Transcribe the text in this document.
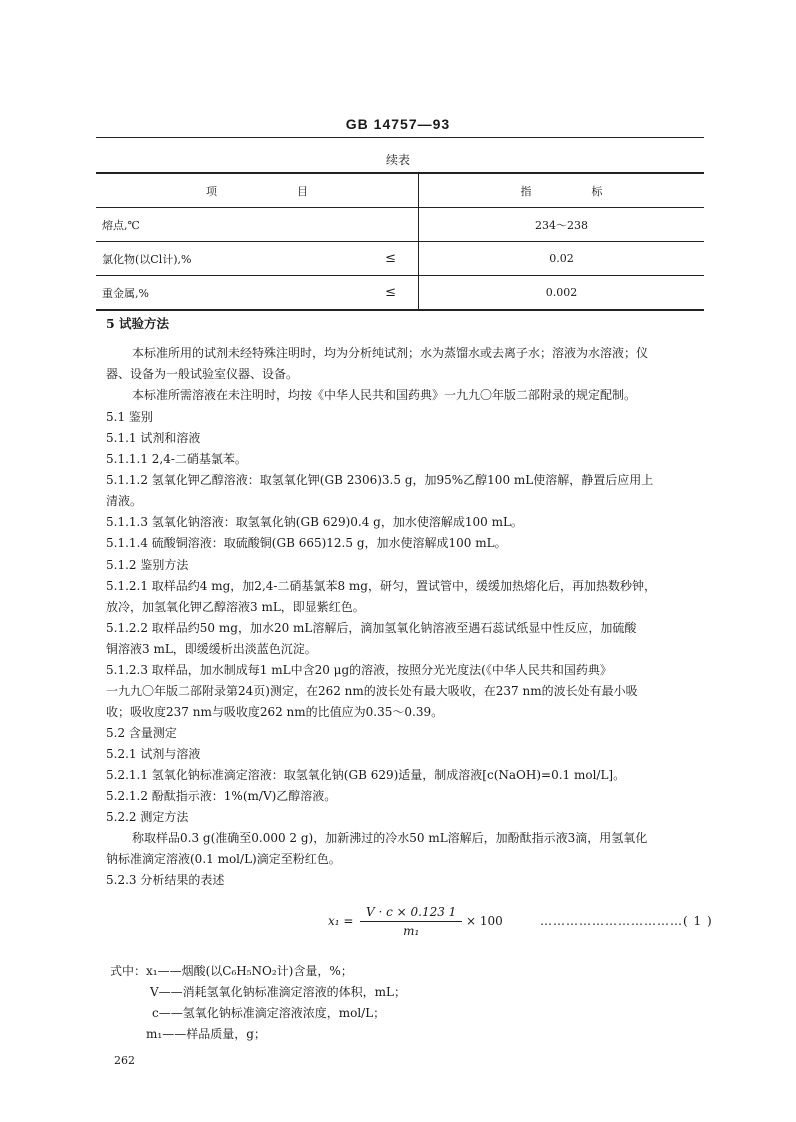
GB 14757—93
续表
项目	指标

熔点,℃	234～238

氯化物(以Cl计),% ≤	0.02

重金属,% ≤	0.002
5 试验方法
本标准所用的试剂未经特殊注明时，均为分析纯试剂；水为蒸馏水或去离子水；溶液为水溶液；仪
器、设备为一般试验室仪器、设备。
本标准所需溶液在未注明时，均按《中华人民共和国药典》一九九〇年版二部附录的规定配制。
5.1 鉴别
5.1.1 试剂和溶液
5.1.1.1 2,4-二硝基氯苯。
5.1.1.2 氢氧化钾乙醇溶液：取氢氧化钾(GB 2306)3.5 g，加95%乙醇100 mL使溶解，静置后应用上
清液。
5.1.1.3 氢氧化钠溶液：取氢氧化钠(GB 629)0.4 g，加水使溶解成100 mL。
5.1.1.4 硫酸铜溶液：取硫酸铜(GB 665)12.5 g，加水使溶解成100 mL。
5.1.2 鉴别方法
5.1.2.1 取样品约4 mg，加2,4-二硝基氯苯8 mg，研匀，置试管中，缓缓加热熔化后，再加热数秒钟，
放冷，加氢氧化钾乙醇溶液3 mL，即显紫红色。
5.1.2.2 取样品约50 mg，加水20 mL溶解后，滴加氢氧化钠溶液至遇石蕊试纸显中性反应，加硫酸
铜溶液3 mL，即缓缓析出淡蓝色沉淀。
5.1.2.3 取样品，加水制成每1 mL中含20 μg的溶液，按照分光光度法(《中华人民共和国药典》
一九九〇年版二部附录第24页)测定，在262 nm的波长处有最大吸收，在237 nm的波长处有最小吸
收；吸收度237 nm与吸收度262 nm的比值应为0.35～0.39。
5.2 含量测定
5.2.1 试剂与溶液
5.2.1.1 氢氧化钠标准滴定溶液：取氢氧化钠(GB 629)适量，制成溶液[c(NaOH)=0.1 mol/L]。
5.2.1.2 酚酞指示液：1%(m/V)乙醇溶液。
5.2.2 测定方法
称取样品0.3 g(准确至0.000 2 g)，加新沸过的冷水50 mL溶解后，加酚酞指示液3滴，用氢氧化
钠标准滴定溶液(0.1 mol/L)滴定至粉红色。
5.2.3 分析结果的表述
$x_1 = \frac{V \cdot c \times 0.123 1}{\text{m₁}} \times 100$	……………………………( 1 )
式中：x₁——烟酸(以C₆H₅NO₂计)含量，%；
V——消耗氢氧化钠标准滴定溶液的体积，mL；
c——氢氧化钠标准滴定溶液浓度，mol/L；
m₁——样品质量，g；
262
